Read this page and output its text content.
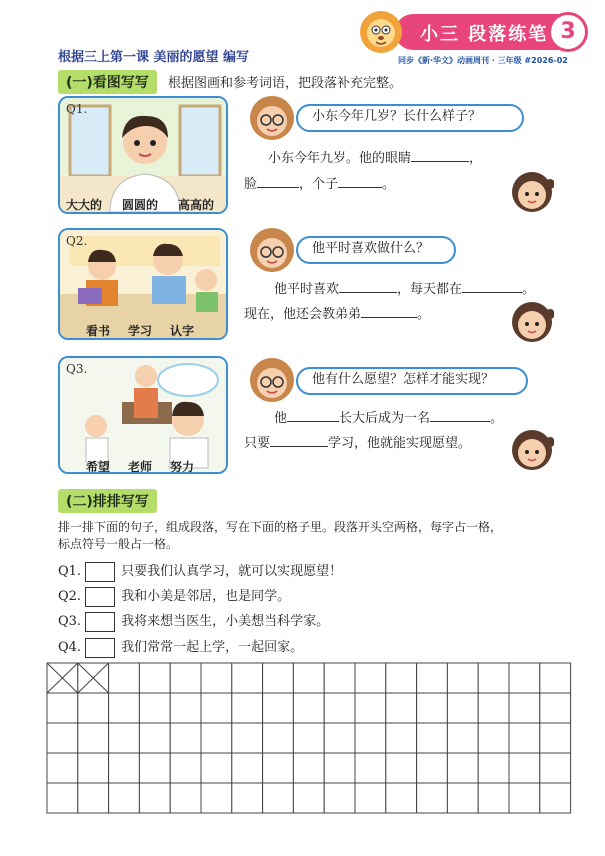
小三 段落练笔 3
同步《新·华文》动画周刊 · 三年级 #2026-02
根据三上第一课 美丽的愿望 编写
(一)看图写写	根据图画和参考词语，把段落补充完整。
Q1.
大大的 圆圆的 高高的
小东今年几岁？长什么样子？
小东今年九岁。他的眼睛	，
脸	，个子	。
Q2.
看书 学习 认字
他平时喜欢做什么？
他平时喜欢	，每天都在	。
现在，他还会教弟弟	。
Q3.
希望 老师 努力
他有什么愿望？怎样才能实现？
他	长大后成为一名	。
只要	学习，他就能实现愿望。
(二)排排写写
排一排下面的句子，组成段落，写在下面的格子里。段落开头空两格，每字占一格，
标点符号一般占一格。
Q1.	只要我们认真学习，就可以实现愿望！
Q2.	我和小美是邻居，也是同学。
Q3.	我将来想当医生，小美想当科学家。
Q4.	我们常常一起上学，一起回家。
